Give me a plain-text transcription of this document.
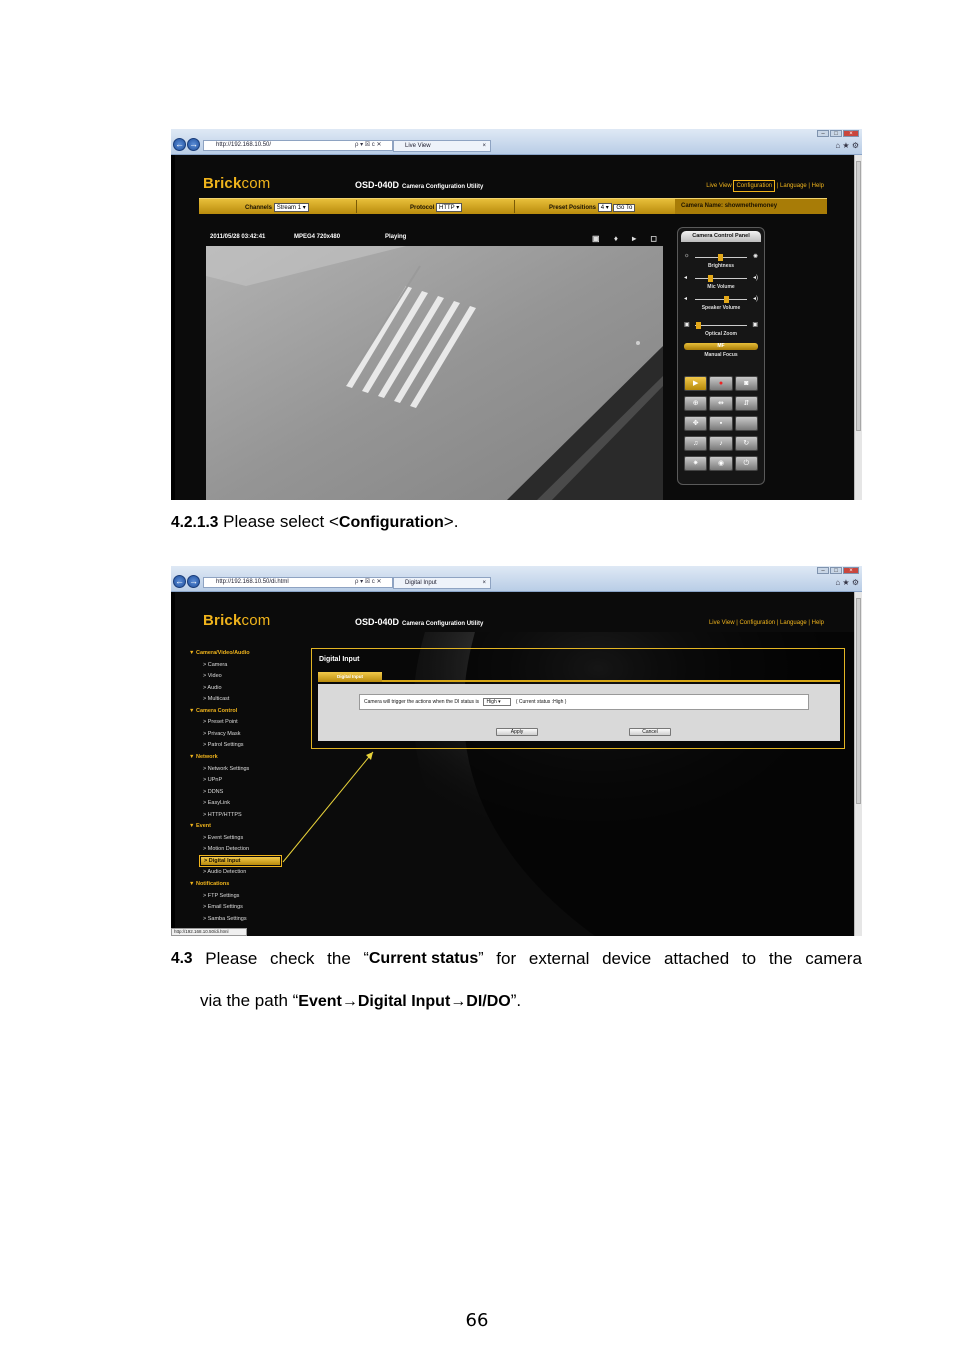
–	□	×
← →	http://192.168.10.50/	ρ ▾ ☒ c ✕	Live View	×	⌂ ★ ⚙
Brickcom	OSD-040D Camera Configuration Utility	Live View Configuration | Language | Help
Channels Stream 1 ▾	Protocol HTTP ▾	Preset Positions 4 ▾ Go To	Camera Name: showmethemoney
2011/05/28 03:42:41	MPEG4 720x480	Playing	▣ ♦ ▸ ◻	Camera Control Panel
☼	✺
Brightness
◂	◂)
Mic Volume
◂	◂)
Speaker Volume
▣	▣
Optical Zoom
MF
Manual Focus
▶	●	◙
⊕	⇹	⇵
✥	▪
♫	♪	↻
✷	◉	⏻
4.2.1.3 Please select <Configuration>.
–	□	×
← →	http://192.168.10.50/di.html	ρ ▾ ☒ c ✕	Digital Input	×	⌂ ★ ⚙
Brickcom	OSD-040D Camera Configuration Utility	Live View | Configuration | Language | Help
▼ Camera/Video/Audio
> Camera
> Video
> Audio
> Multicast
▼ Camera Control
> Preset Point
> Privacy Mask
> Patrol Settings
▼ Network
> Network Settings
> UPnP
> DDNS
> EasyLink
> HTTP/HTTPS
▼ Event
> Event Settings
> Motion Detection
> Digital Input
> Audio Detection
▼ Notifications
> FTP Settings
> Email Settings
> Samba Settings
Digital Input
Digital Input
Camera will trigger the actions when the DI status is High ▾	( Current status :High )
Apply	Cancel
http://192.168.10.50/di.html
4.3 Please check the “Current status” for external device attached to the camera
via the path “Event→Digital Input→DI/DO”.
66
